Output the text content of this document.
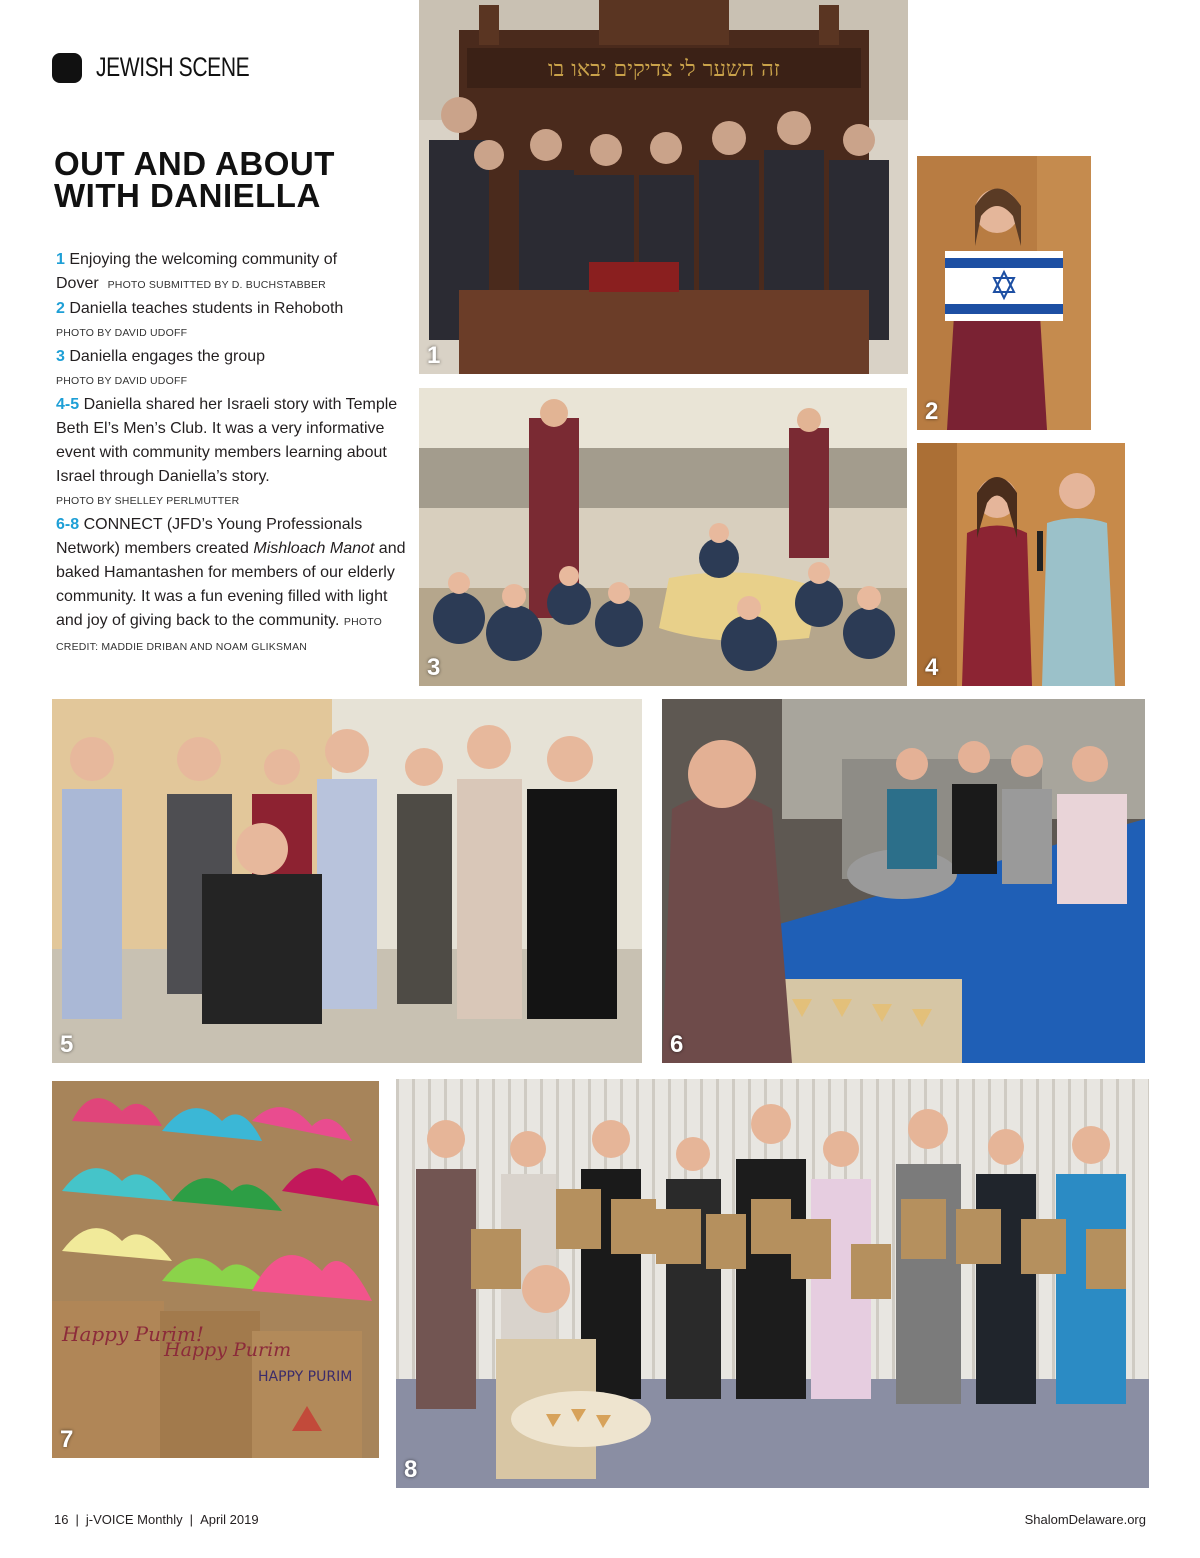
JEWISH SCENE
OUT AND ABOUT
WITH DANIELLA

1 Enjoying the welcoming community of Dover PHOTO SUBMITTED BY D. BUCHSTABBER

2 Daniella teaches students in Rehoboth
PHOTO BY DAVID UDOFF

3 Daniella engages the group
PHOTO BY DAVID UDOFF

4-5 Daniella shared her Israeli story with Temple Beth El’s Men’s Club. It was a very informative event with community members learning about Israel through Daniella’s story.
PHOTO BY SHELLEY PERLMUTTER

6-8 CONNECT (JFD’s Young Professionals Network) members created Mishloach Manot and baked Hamantashen for members of our elderly community. It was a fun evening filled with light and joy of giving back to the community. PHOTO CREDIT: MADDIE DRIBAN AND NOAM GLIKSMAN

זה השער לי צדיקים יבאו בו
1
2
3	4
5	6
Happy Purim!
Happy Purim
HAPPY PURIM
7
8
16 | j-VOICE Monthly | April 2019	ShalomDelaware.org
